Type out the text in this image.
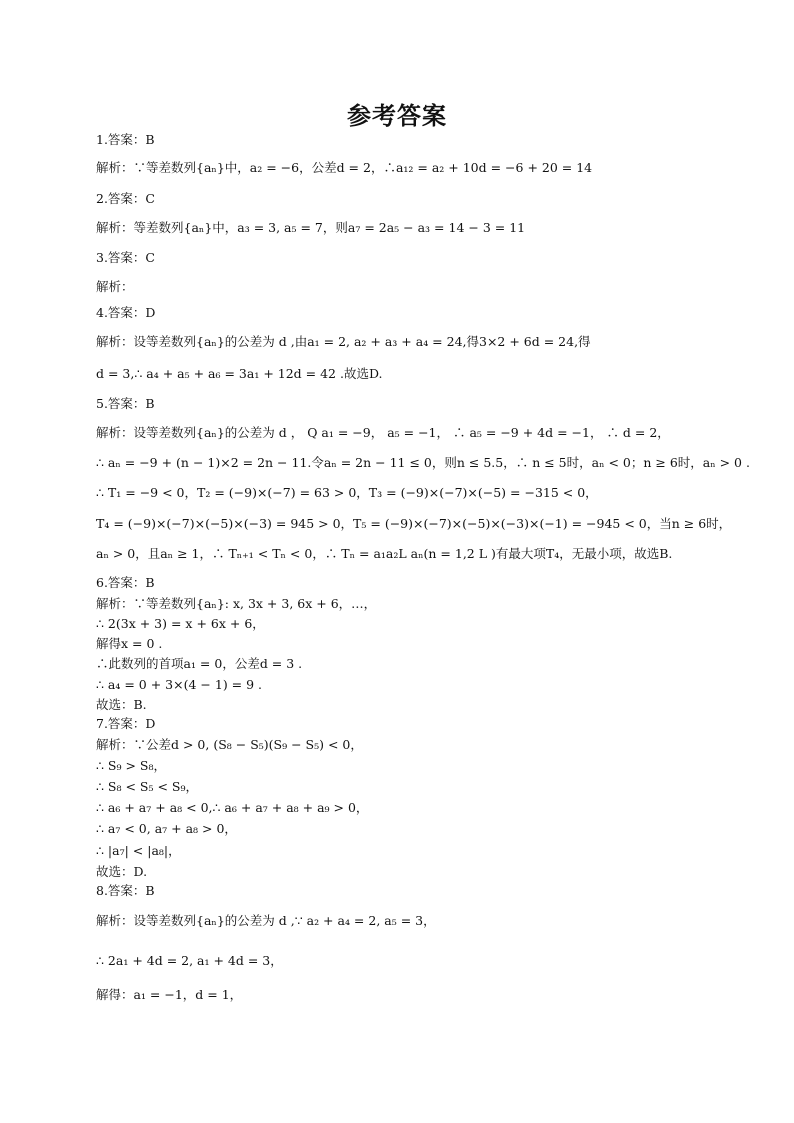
参考答案
1.答案：B
解析：∵等差数列{aₙ}中，a₂ = −6，公差d = 2，∴a₁₂ = a₂ + 10d = −6 + 20 = 14
2.答案：C
解析：等差数列{aₙ}中，a₃ = 3, a₅ = 7，则a₇ = 2a₅ − a₃ = 14 − 3 = 11
3.答案：C
解析：
4.答案：D
解析：设等差数列{aₙ}的公差为 d ,由a₁ = 2, a₂ + a₃ + a₄ = 24,得3×2 + 6d = 24,得
d = 3,∴ a₄ + a₅ + a₆ = 3a₁ + 12d = 42 .故选D.
5.答案：B
解析：设等差数列{aₙ}的公差为 d ， Q a₁ = −9， a₅ = −1， ∴ a₅ = −9 + 4d = −1， ∴ d = 2，
∴ aₙ = −9 + (n − 1)×2 = 2n − 11.令aₙ = 2n − 11 ≤ 0，则n ≤ 5.5，∴ n ≤ 5时，aₙ < 0；n ≥ 6时，aₙ > 0 .
∴ T₁ = −9 < 0，T₂ = (−9)×(−7) = 63 > 0，T₃ = (−9)×(−7)×(−5) = −315 < 0，
T₄ = (−9)×(−7)×(−5)×(−3) = 945 > 0，T₅ = (−9)×(−7)×(−5)×(−3)×(−1) = −945 < 0，当n ≥ 6时，
aₙ > 0，且aₙ ≥ 1，∴ Tₙ₊₁ < Tₙ < 0，∴ Tₙ = a₁a₂L aₙ(n = 1,2 L )有最大项T₄，无最小项，故选B.
6.答案：B
解析：∵等差数列{aₙ}: x, 3x + 3, 6x + 6，…，
∴ 2(3x + 3) = x + 6x + 6，
解得x = 0 .
∴此数列的首项a₁ = 0，公差d = 3 .
∴ a₄ = 0 + 3×(4 − 1) = 9 .
故选：B.
7.答案：D
解析：∵公差d > 0, (S₈ − S₅)(S₉ − S₅) < 0，
∴ S₉ > S₈，
∴ S₈ < S₅ < S₉，
∴ a₆ + a₇ + a₈ < 0,∴ a₆ + a₇ + a₈ + a₉ > 0，
∴ a₇ < 0, a₇ + a₈ > 0，
∴ |a₇| < |a₈|，
故选：D.
8.答案：B
解析：设等差数列{aₙ}的公差为 d ,∵ a₂ + a₄ = 2, a₅ = 3，
∴ 2a₁ + 4d = 2, a₁ + 4d = 3，
解得：a₁ = −1，d = 1，
